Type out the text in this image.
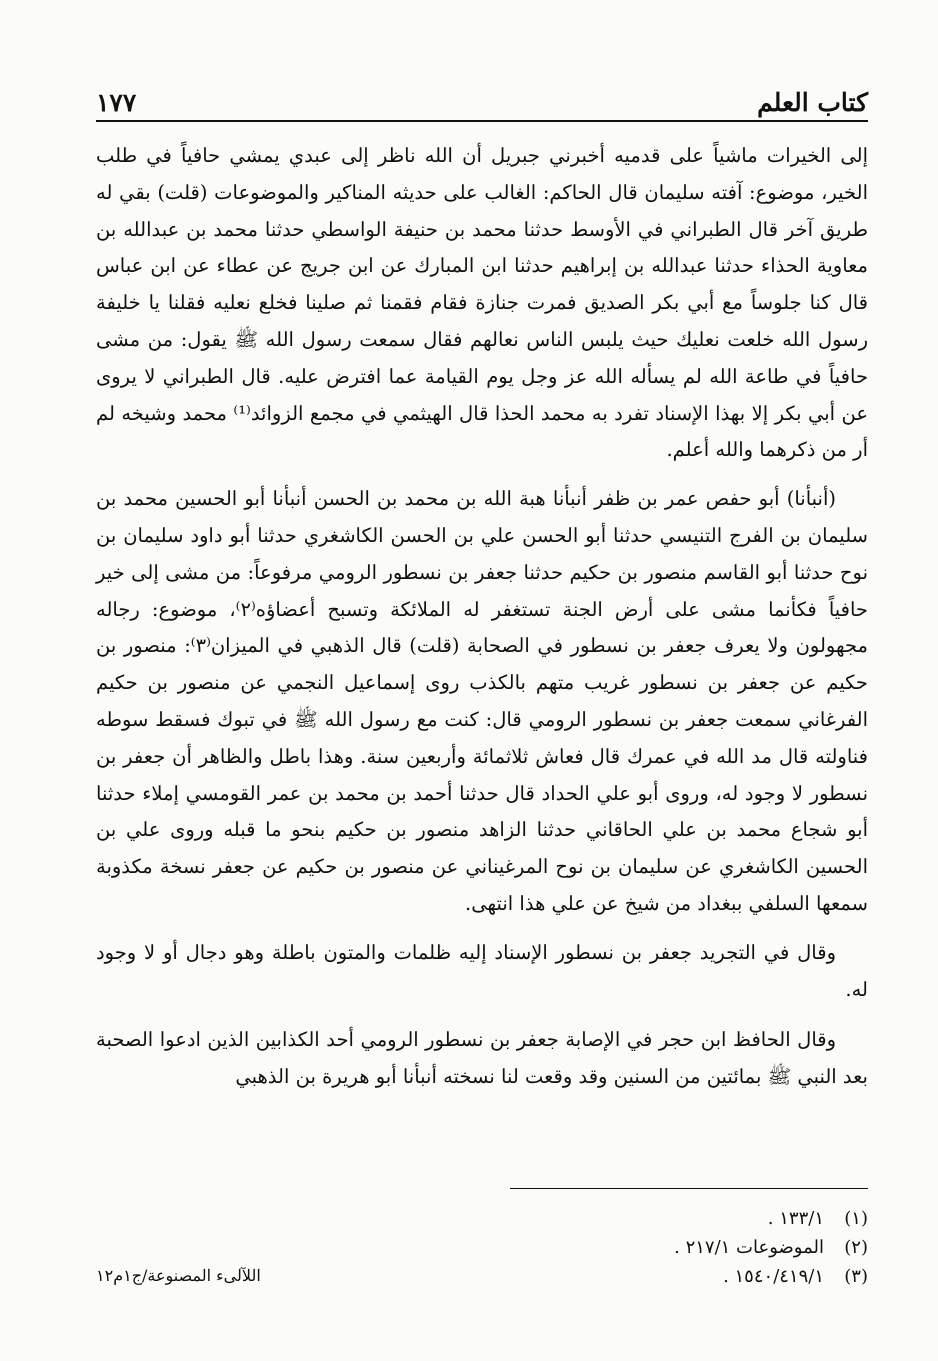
كتاب العلم
١٧٧

إلى الخيرات ماشياً على قدميه أخبرني جبريل أن الله ناظر إلى عبدي يمشي حافياً في طلب الخير، موضوع: آفته سليمان قال الحاكم: الغالب على حديثه المناكير والموضوعات (قلت) بقي له طريق آخر قال الطبراني في الأوسط حدثنا محمد بن حنيفة الواسطي حدثنا محمد بن عبدالله بن معاوية الحذاء حدثنا عبدالله بن إبراهيم حدثنا ابن المبارك عن ابن جريج عن عطاء عن ابن عباس قال كنا جلوساً مع أبي بكر الصديق فمرت جنازة فقام فقمنا ثم صلينا فخلع نعليه فقلنا يا خليفة رسول الله خلعت نعليك حيث يلبس الناس نعالهم فقال سمعت رسول الله ﷺ يقول: من مشى حافياً في طاعة الله لم يسأله الله عز وجل يوم القيامة عما افترض عليه. قال الطبراني لا يروى عن أبي بكر إلا بهذا الإسناد تفرد به محمد الحذا قال الهيثمي في مجمع الزوائد⁽¹⁾ محمد وشيخه لم أر من ذكرهما والله أعلم.

(أنبأنا) أبو حفص عمر بن ظفر أنبأنا هبة الله بن محمد بن الحسن أنبأنا أبو الحسين محمد بن سليمان بن الفرج التنيسي حدثنا أبو الحسن علي بن الحسن الكاشغري حدثنا أبو داود سليمان بن نوح حدثنا أبو القاسم منصور بن حكيم حدثنا جعفر بن نسطور الرومي مرفوعاً: من مشى إلى خير حافياً فكأنما مشى على أرض الجنة تستغفر له الملائكة وتسبح أعضاؤه⁽٢⁾، موضوع: رجاله مجهولون ولا يعرف جعفر بن نسطور في الصحابة (قلت) قال الذهبي في الميزان⁽٣⁾: منصور بن حكيم عن جعفر بن نسطور غريب متهم بالكذب روى إسماعيل النجمي عن منصور بن حكيم الفرغاني سمعت جعفر بن نسطور الرومي قال: كنت مع رسول الله ﷺ في تبوك فسقط سوطه فناولته قال مد الله في عمرك قال فعاش ثلاثمائة وأربعين سنة. وهذا باطل والظاهر أن جعفر بن نسطور لا وجود له، وروى أبو علي الحداد قال حدثنا أحمد بن محمد بن عمر القومسي إملاء حدثنا أبو شجاع محمد بن علي الحاقاني حدثنا الزاهد منصور بن حكيم بنحو ما قبله وروى علي بن الحسين الكاشغري عن سليمان بن نوح المرغيناني عن منصور بن حكيم عن جعفر نسخة مكذوبة سمعها السلفي ببغداد من شيخ عن علي هذا انتهى.

وقال في التجريد جعفر بن نسطور الإسناد إليه ظلمات والمتون باطلة وهو دجال أو لا وجود له.

وقال الحافظ ابن حجر في الإصابة جعفر بن نسطور الرومي أحد الكذابين الذين ادعوا الصحبة بعد النبي ﷺ بمائتين من السنين وقد وقعت لنا نسخته أنبأنا أبو هريرة بن الذهبي

(١)
١٣٣/١ .
(٢)
الموضوعات ٢١٧/١ .
(٣)
١٥٤٠/٤١٩/١ .
اللآلىء المصنوعة/ج١م١٢
